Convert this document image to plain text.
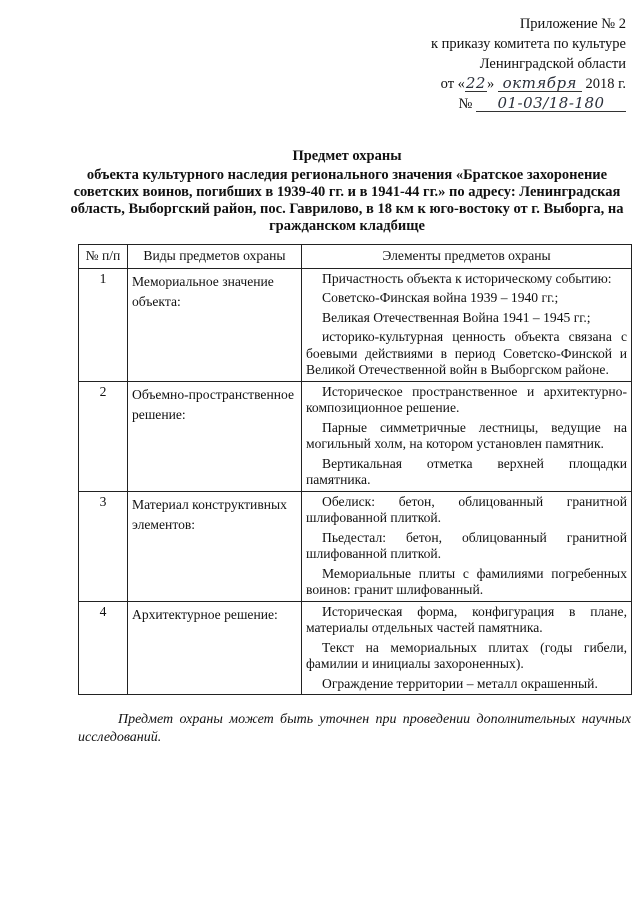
Приложение № 2
к приказу комитета по культуре
Ленинградской области
от «22» октября 2018 г.
№ 01-03/18-180
Предмет охраны
объекта культурного наследия регионального значения «Братское захоронение советских воинов, погибших в 1939-40 гг. и в 1941-44 гг.» по адресу: Ленинградская область, Выборгский район, пос. Гаврилово, в 18 км к юго-востоку от г. Выборга, на гражданском кладбище
№ п/п	Виды предметов охраны	Элементы предметов охраны
1	Мемориальное значение объекта:	Причастность объекта к историческому событию:

Советско-Финская война 1939 – 1940 гг.;

Великая Отечественная Война 1941 – 1945 гг.;

историко-культурная ценность объекта связана с боевыми действиями в период Советско-Финской и Великой Отечественной войн в Выборгском районе.

2	Объемно-пространственное решение:	Историческое пространственное и архитектурно-композиционное решение.

Парные симметричные лестницы, ведущие на могильный холм, на котором установлен памятник.

Вертикальная отметка верхней площадки памятника.

3	Материал конструктивных элементов:	Обелиск: бетон, облицованный гранитной шлифованной плиткой.

Пьедестал: бетон, облицованный гранитной шлифованной плиткой.

Мемориальные плиты с фамилиями погребенных воинов: гранит шлифованный.

4	Архитектурное решение:	Историческая форма, конфигурация в плане, материалы отдельных частей памятника.

Текст на мемориальных плитах (годы гибели, фамилии и инициалы захороненных).

Ограждение территории – металл окрашенный.

Предмет охраны может быть уточнен при проведении дополнительных научных исследований.
